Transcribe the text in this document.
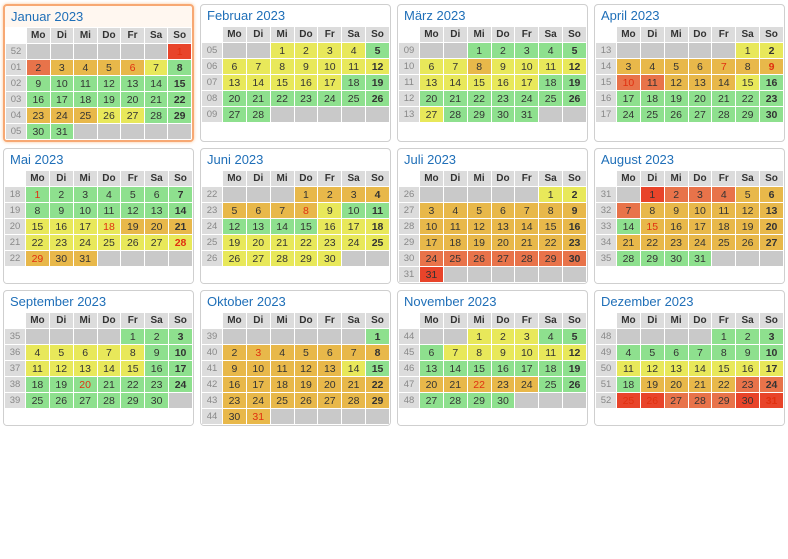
Januar 2023
	Mo	Di	Mi	Do	Fr	Sa	So
52							1
01	2	3	4	5	6	7	8
02	9	10	11	12	13	14	15
03	16	17	18	19	20	21	22
04	23	24	25	26	27	28	29
05	30	31					
Februar 2023
	Mo	Di	Mi	Do	Fr	Sa	So
05			1	2	3	4	5
06	6	7	8	9	10	11	12
07	13	14	15	16	17	18	19
08	20	21	22	23	24	25	26
09	27	28					

März 2023
	Mo	Di	Mi	Do	Fr	Sa	So
09			1	2	3	4	5
10	6	7	8	9	10	11	12
11	13	14	15	16	17	18	19
12	20	21	22	23	24	25	26
13	27	28	29	30	31		

April 2023
	Mo	Di	Mi	Do	Fr	Sa	So
13						1	2
14	3	4	5	6	7	8	9
15	10	11	12	13	14	15	16
16	17	18	19	20	21	22	23
17	24	25	26	27	28	29	30

Mai 2023
	Mo	Di	Mi	Do	Fr	Sa	So
18	1	2	3	4	5	6	7
19	8	9	10	11	12	13	14
20	15	16	17	18	19	20	21
21	22	23	24	25	26	27	28
22	29	30	31				

Juni 2023
	Mo	Di	Mi	Do	Fr	Sa	So
22				1	2	3	4
23	5	6	7	8	9	10	11
24	12	13	14	15	16	17	18
25	19	20	21	22	23	24	25
26	26	27	28	29	30		

Juli 2023
	Mo	Di	Mi	Do	Fr	Sa	So
26						1	2
27	3	4	5	6	7	8	9
28	10	11	12	13	14	15	16
29	17	18	19	20	21	22	23
30	24	25	26	27	28	29	30
31	31						
August 2023
	Mo	Di	Mi	Do	Fr	Sa	So
31		1	2	3	4	5	6
32	7	8	9	10	11	12	13
33	14	15	16	17	18	19	20
34	21	22	23	24	25	26	27
35	28	29	30	31			

September 2023
	Mo	Di	Mi	Do	Fr	Sa	So
35					1	2	3
36	4	5	6	7	8	9	10
37	11	12	13	14	15	16	17
38	18	19	20	21	22	23	24
39	25	26	27	28	29	30	

Oktober 2023
	Mo	Di	Mi	Do	Fr	Sa	So
39							1
40	2	3	4	5	6	7	8
41	9	10	11	12	13	14	15
42	16	17	18	19	20	21	22
43	23	24	25	26	27	28	29
44	30	31					
November 2023
	Mo	Di	Mi	Do	Fr	Sa	So
44			1	2	3	4	5
45	6	7	8	9	10	11	12
46	13	14	15	16	17	18	19
47	20	21	22	23	24	25	26
48	27	28	29	30			

Dezember 2023
	Mo	Di	Mi	Do	Fr	Sa	So
48					1	2	3
49	4	5	6	7	8	9	10
50	11	12	13	14	15	16	17
51	18	19	20	21	22	23	24
52	25	26	27	28	29	30	31
